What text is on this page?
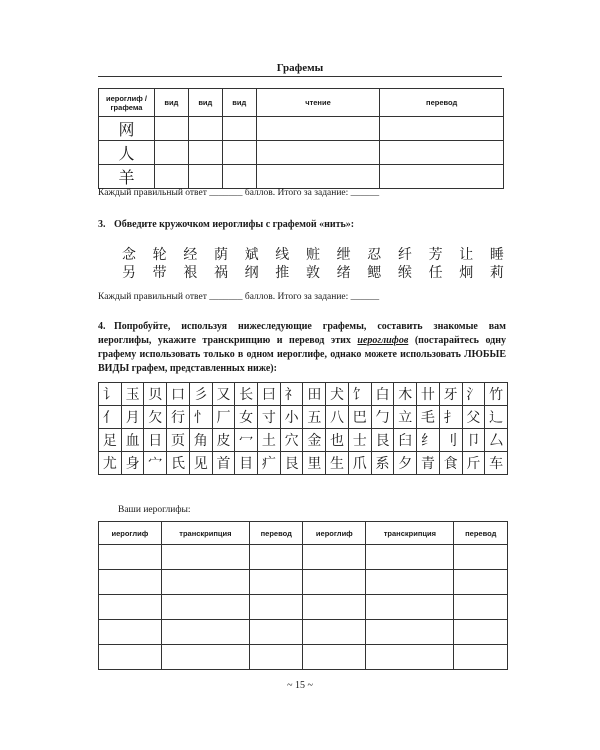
Графемы
иероглиф /
графема	вид	вид	вид	чтение	перевод
网					
人					
羊					
Каждый правильный ответ _______ баллов. Итого за задание: ______
3. Обведите кружочком иероглифы с графемой «нить»:
念 轮 经 荫 斌 线 赃 绁 忍 纤 芳 让 睡
另 带 裉 祸 纲 推 敦 绪 鳃 缑 任 炯 莉
Каждый правильный ответ _______ баллов. Итого за задание: ______
4. Попробуйте, используя нижеследующие графемы, составить знакомые вам иероглифы, укажите транскрипцию и перевод этих иероглифов (постарайтесь одну графему использовать только в одном иероглифе, однако можете использовать ЛЮБЫЕ ВИДЫ графем, представленных ниже):
讠	玉	贝	口	彡	又	长	曰	礻	田	犬	饣	白	木	卄	牙	氵	竹
亻	月	欠	行	忄	厂	女	寸	小	五	八	巴	勹	立	毛	扌	父	辶
足	血	日	页	角	皮	冖	土	穴	金	也	士	艮	臼	纟	刂	卩	厶
尤	身	宀	氏	见	首	目	疒	艮	里	生	爪	系	夕	青	食	斤	车
Ваши иероглифы:
иероглиф	транскрипция	перевод	иероглиф	транскрипция	перевод

~ 15 ~
